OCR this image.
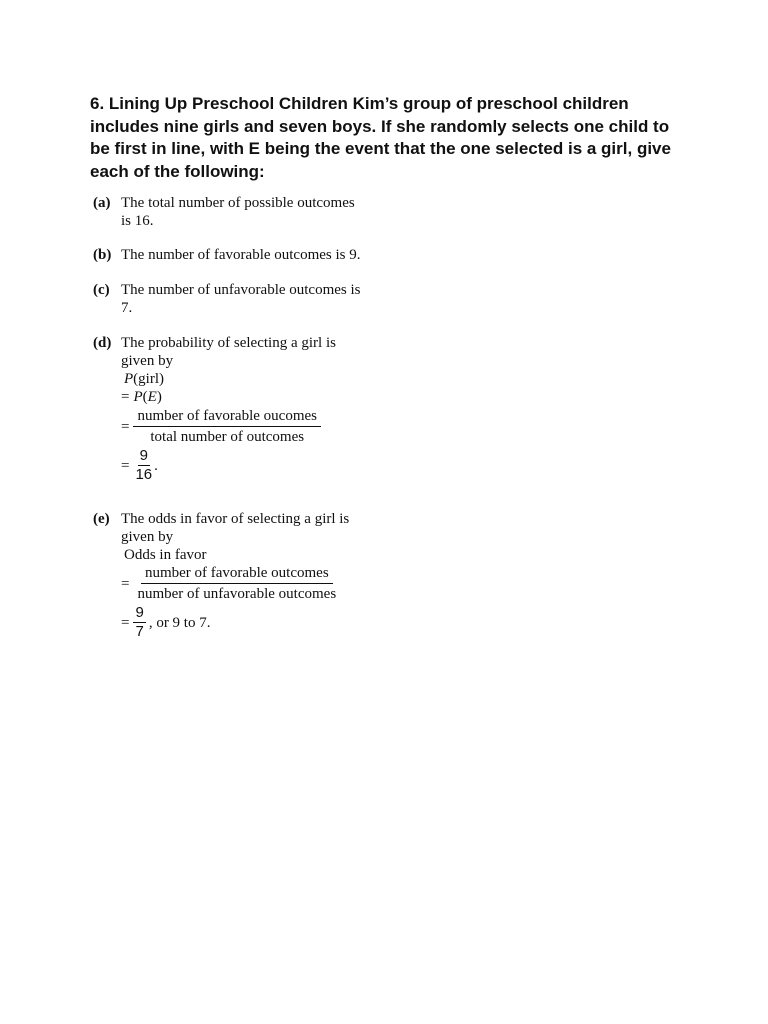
6. Lining Up Preschool Children Kim’s group of preschool children includes nine girls and seven boys. If she randomly selects one child to be first in line, with E being the event that the one selected is a girl, give each of the following:

(a) The total number of possible outcomes
is 16.
(b) The number of favorable outcomes is 9.
(c) The number of unfavorable outcomes is
7.
(d) The probability of selecting a girl is
given by
P(girl)
= P(E)
= $\frac{\text{number of favorable oucomes}}{\text{total number of outcomes}}$
= $\frac{9}{16}$ .
(e) The odds in favor of selecting a girl is
given by
Odds in favor
= $\frac{\text{number of favorable outcomes}}{\text{number of unfavorable outcomes}}$
= $\frac{9}{7}$ , or 9 to 7.
